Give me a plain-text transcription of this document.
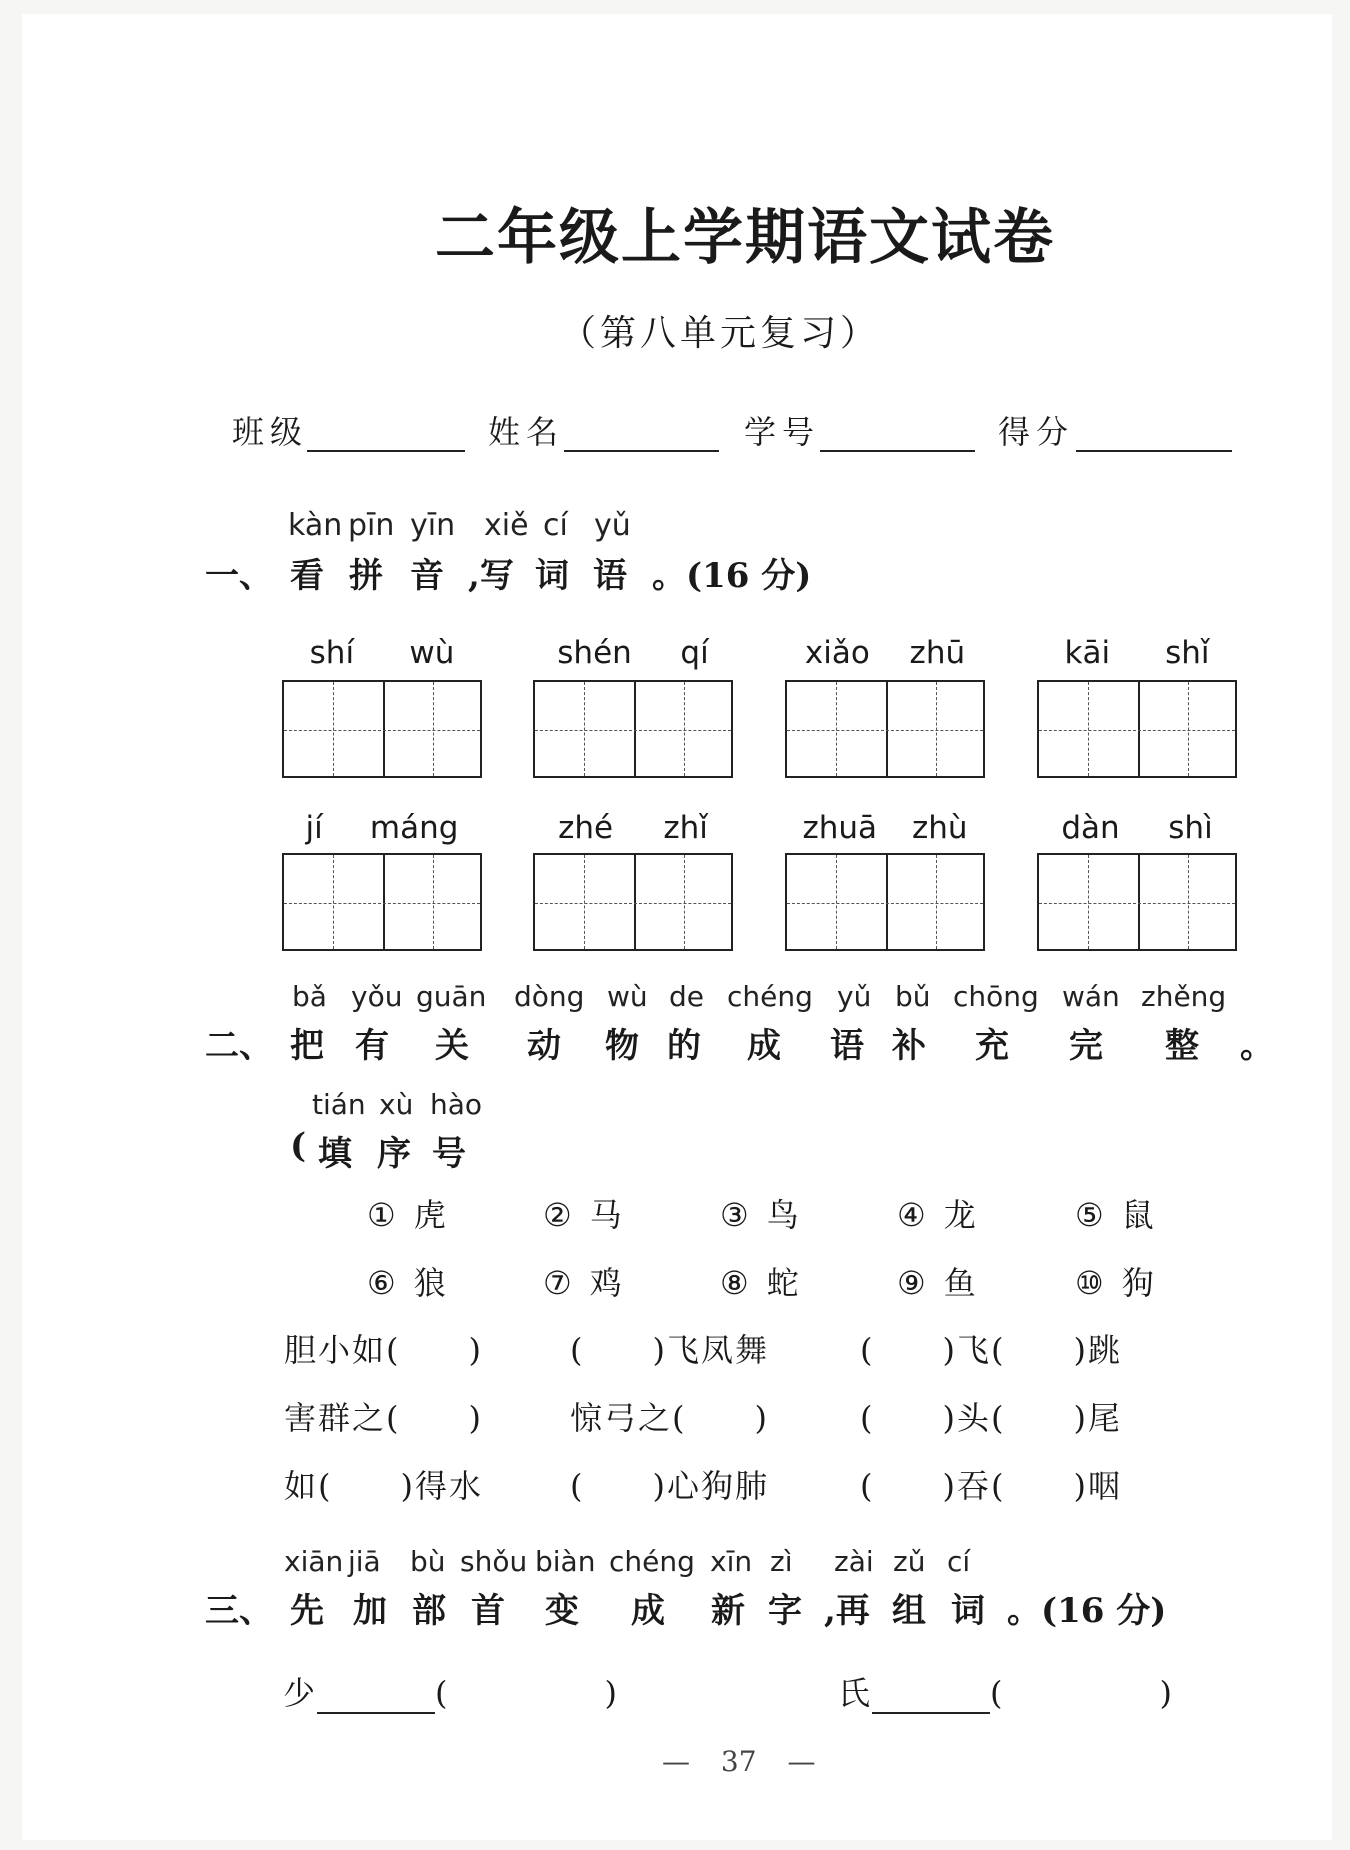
二年级上学期语文试卷
（第八单元复习）
班级	姓名	学号	得分
kàn pīn yīn xiě cí yǔ
一、 看 拼 音 ,写 词 语 。(16 分)
shí wù	shén qí	xiǎo zhū	kāi shǐ
jí máng	zhé zhǐ	zhuā zhù	dàn shì
bǎ yǒu guān dòng wù de chéng yǔ bǔ chōng wán zhěng
二、 把 有 关 动 物 的 成 语 补 充 完 整 。
tián xù hào
( 填 序 号
① 虎	② 马	③ 鸟	④ 龙	⑤ 鼠
⑥ 狼	⑦ 鸡	⑧ 蛇	⑨ 鱼	⑩ 狗
胆小如(　　)	(　　)飞凤舞	(　　)飞(　　)跳
害群之(　　)	惊弓之(　　)	(　　)头(　　)尾
如(　　)得水	(　　)心狗肺	(　　)吞(　　)咽
xiān jiā bù shǒu biàn chéng xīn zì zài zǔ cí
三、 先 加 部 首 变 成 新 字 ,再 组 词 。(16 分)
少	(	)	氏	(	)
— 37 —
